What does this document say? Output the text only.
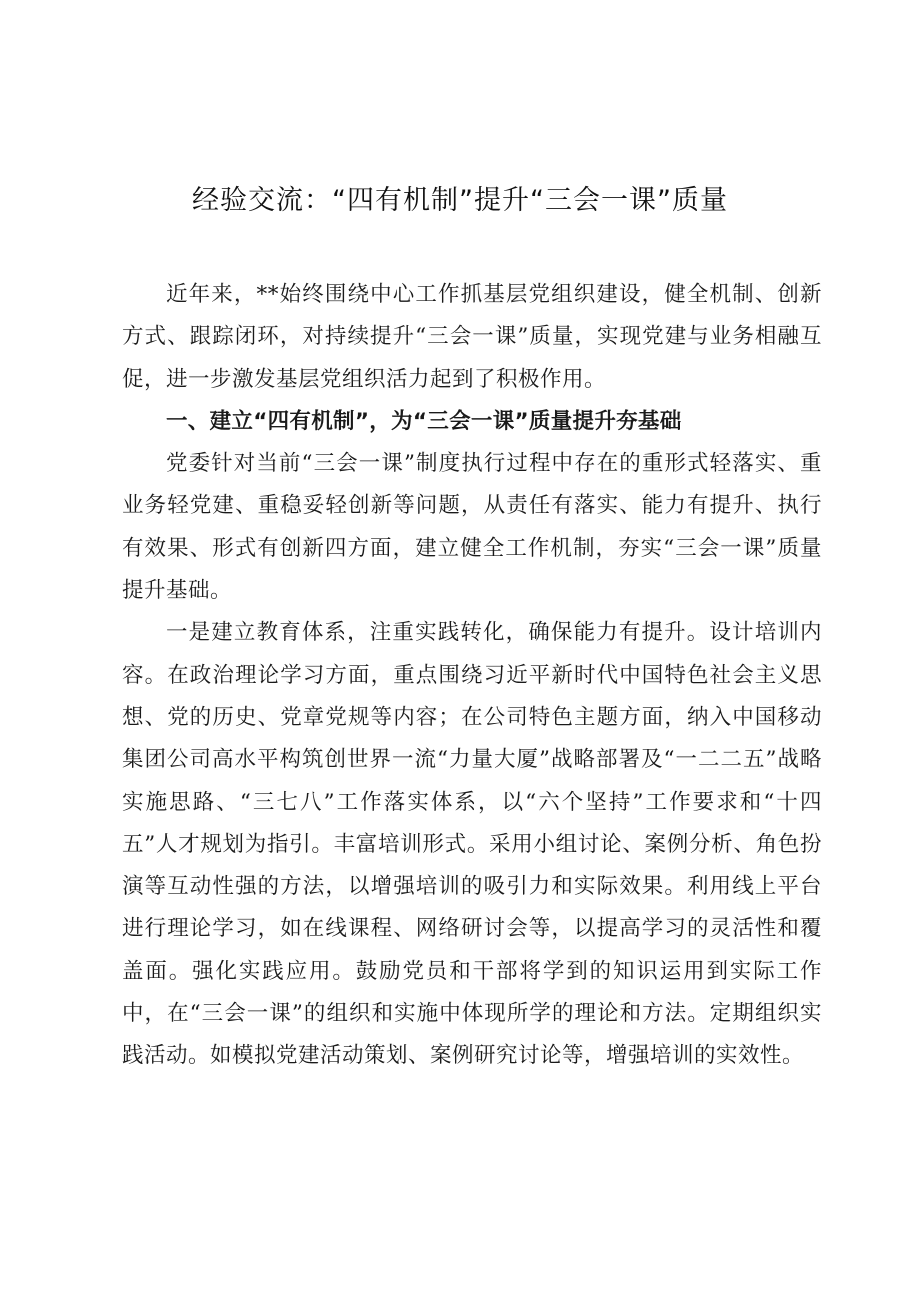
经验交流：“四有机制”提升“三会一课”质量

近年来，**始终围绕中心工作抓基层党组织建设，健全机制、创新方式、跟踪闭环，对持续提升“三会一课”质量，实现党建与业务相融互促，进一步激发基层党组织活力起到了积极作用。

一、建立“四有机制”，为“三会一课”质量提升夯基础

党委针对当前“三会一课”制度执行过程中存在的重形式轻落实、重业务轻党建、重稳妥轻创新等问题，从责任有落实、能力有提升、执行有效果、形式有创新四方面，建立健全工作机制，夯实“三会一课”质量提升基础。

一是建立教育体系，注重实践转化，确保能力有提升。设计培训内容。在政治理论学习方面，重点围绕习近平新时代中国特色社会主义思想、党的历史、党章党规等内容；在公司特色主题方面，纳入中国移动集团公司高水平构筑创世界一流“力量大厦”战略部署及“一二二五”战略实施思路、“三七八”工作落实体系，以“六个坚持”工作要求和“十四五”人才规划为指引。丰富培训形式。采用小组讨论、案例分析、角色扮演等互动性强的方法，以增强培训的吸引力和实际效果。利用线上平台进行理论学习，如在线课程、网络研讨会等，以提高学习的灵活性和覆盖面。强化实践应用。鼓励党员和干部将学到的知识运用到实际工作中，在“三会一课”的组织和实施中体现所学的理论和方法。定期组织实践活动。如模拟党建活动策划、案例研究讨论等，增强培训的实效性。
